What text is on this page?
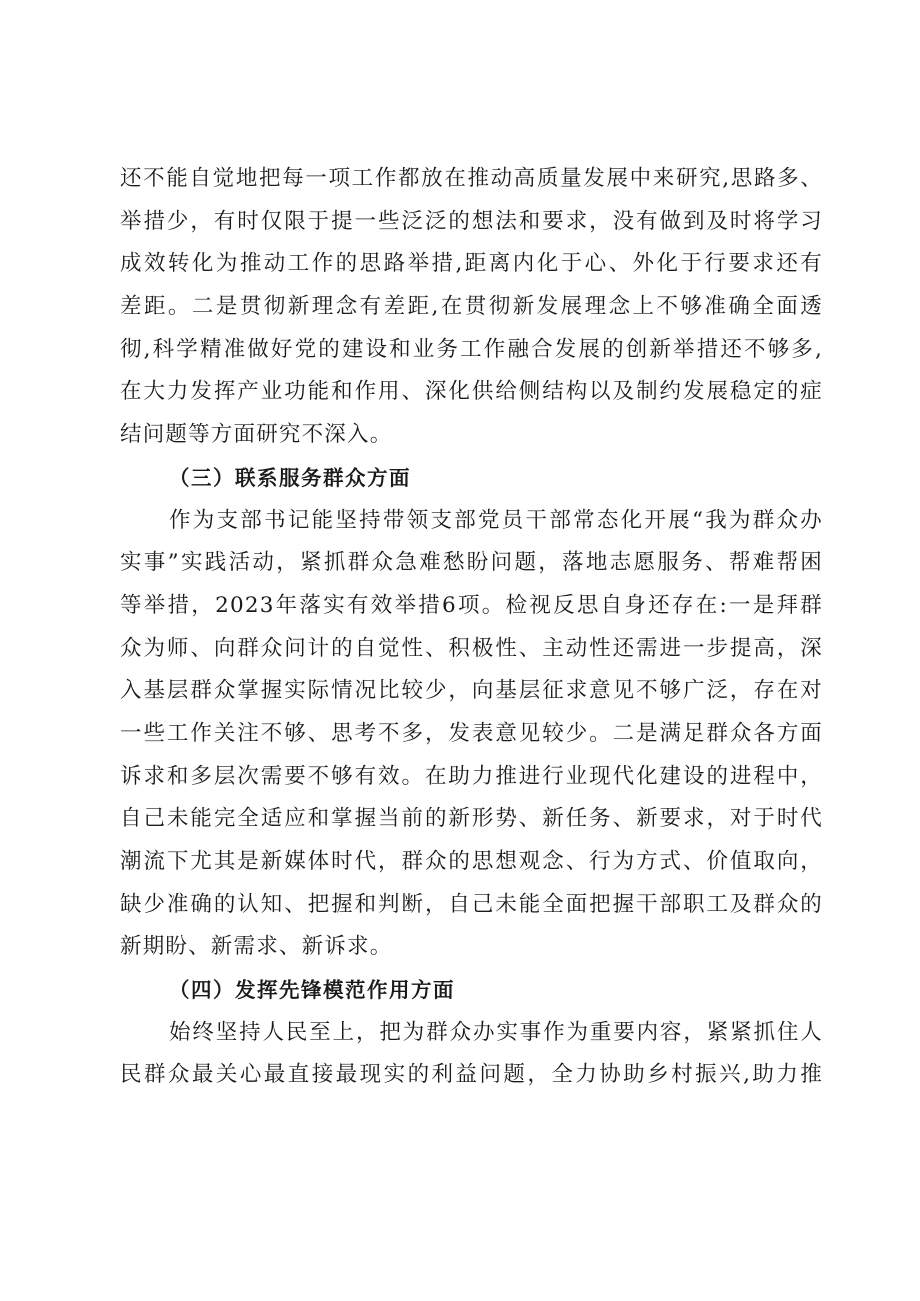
还不能自觉地把每一项工作都放在推动高质量发展中来研究,思路多、
举措少，有时仅限于提一些泛泛的想法和要求，没有做到及时将学习
成效转化为推动工作的思路举措,距离内化于心、外化于行要求还有
差距。二是贯彻新理念有差距,在贯彻新发展理念上不够准确全面透
彻,科学精准做好党的建设和业务工作融合发展的创新举措还不够多,
在大力发挥产业功能和作用、深化供给侧结构以及制约发展稳定的症
结问题等方面研究不深入。
（三）联系服务群众方面
作为支部书记能坚持带领支部党员干部常态化开展“我为群众办
实事”实践活动，紧抓群众急难愁盼问题，落地志愿服务、帮难帮困
等举措，2023年落实有效举措6项。检视反思自身还存在:一是拜群
众为师、向群众问计的自觉性、积极性、主动性还需进一步提高，深
入基层群众掌握实际情况比较少，向基层征求意见不够广泛，存在对
一些工作关注不够、思考不多，发表意见较少。二是满足群众各方面
诉求和多层次需要不够有效。在助力推进行业现代化建设的进程中，
自己未能完全适应和掌握当前的新形势、新任务、新要求，对于时代
潮流下尤其是新媒体时代，群众的思想观念、行为方式、价值取向，
缺少准确的认知、把握和判断，自己未能全面把握干部职工及群众的
新期盼、新需求、新诉求。
（四）发挥先锋模范作用方面
始终坚持人民至上，把为群众办实事作为重要内容，紧紧抓住人
民群众最关心最直接最现实的利益问题，全力协助乡村振兴,助力推
